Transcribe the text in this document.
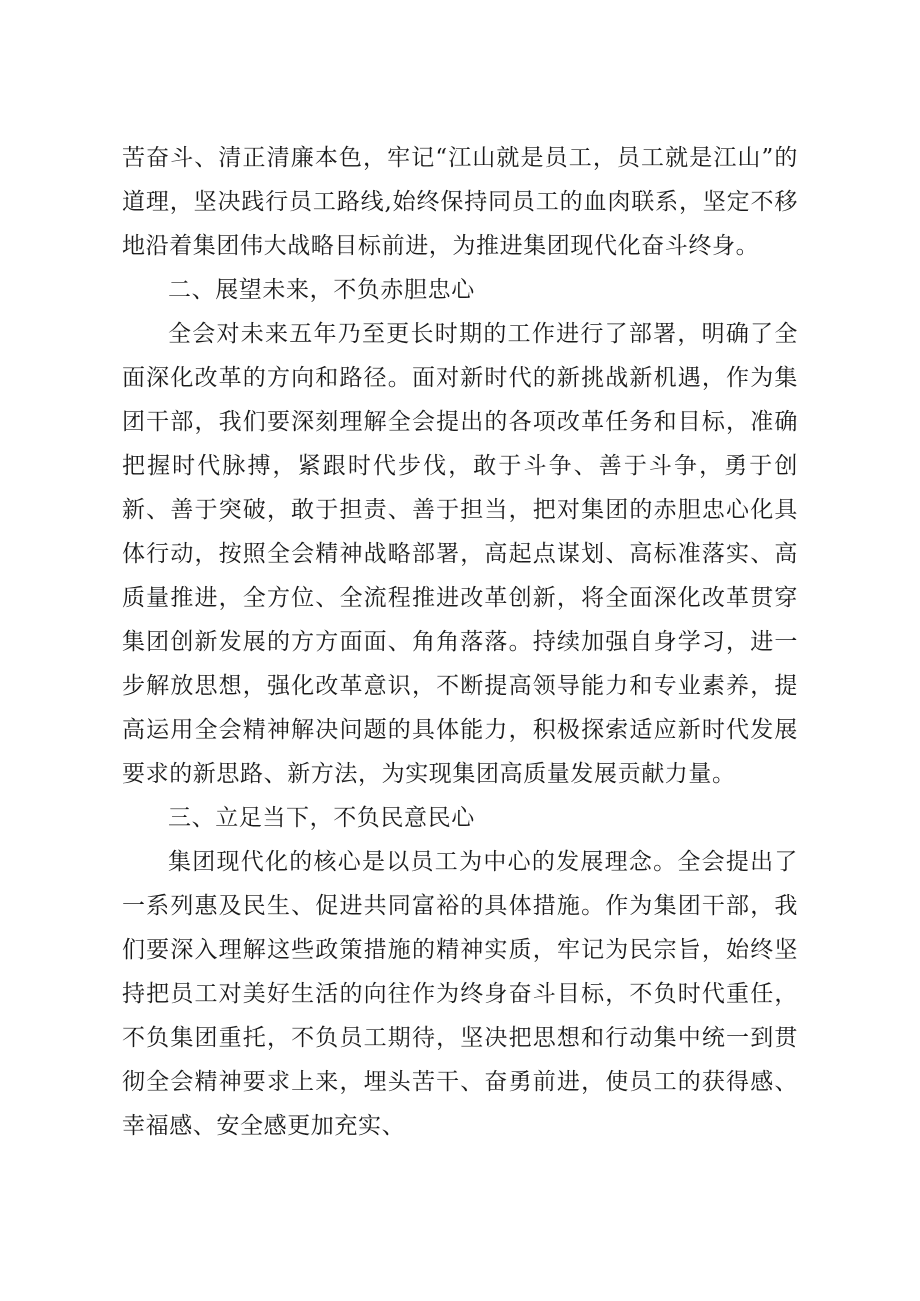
苦奋斗、清正清廉本色，牢记“江山就是员工，员工就是江山”的道理，坚决践行员工路线,始终保持同员工的血肉联系，坚定不移地沿着集团伟大战略目标前进，为推进集团现代化奋斗终身。

二、展望未来，不负赤胆忠心

全会对未来五年乃至更长时期的工作进行了部署，明确了全面深化改革的方向和路径。面对新时代的新挑战新机遇，作为集团干部，我们要深刻理解全会提出的各项改革任务和目标，准确把握时代脉搏，紧跟时代步伐，敢于斗争、善于斗争，勇于创新、善于突破，敢于担责、善于担当，把对集团的赤胆忠心化具体行动，按照全会精神战略部署，高起点谋划、高标准落实、高质量推进，全方位、全流程推进改革创新，将全面深化改革贯穿集团创新发展的方方面面、角角落落。持续加强自身学习，进一步解放思想，强化改革意识，不断提高领导能力和专业素养，提高运用全会精神解决问题的具体能力，积极探索适应新时代发展要求的新思路、新方法，为实现集团高质量发展贡献力量。

三、立足当下，不负民意民心

集团现代化的核心是以员工为中心的发展理念。全会提出了一系列惠及民生、促进共同富裕的具体措施。作为集团干部，我们要深入理解这些政策措施的精神实质，牢记为民宗旨，始终坚持把员工对美好生活的向往作为终身奋斗目标，不负时代重任，不负集团重托，不负员工期待，坚决把思想和行动集中统一到贯彻全会精神要求上来，埋头苦干、奋勇前进，使员工的获得感、幸福感、安全感更加充实、
